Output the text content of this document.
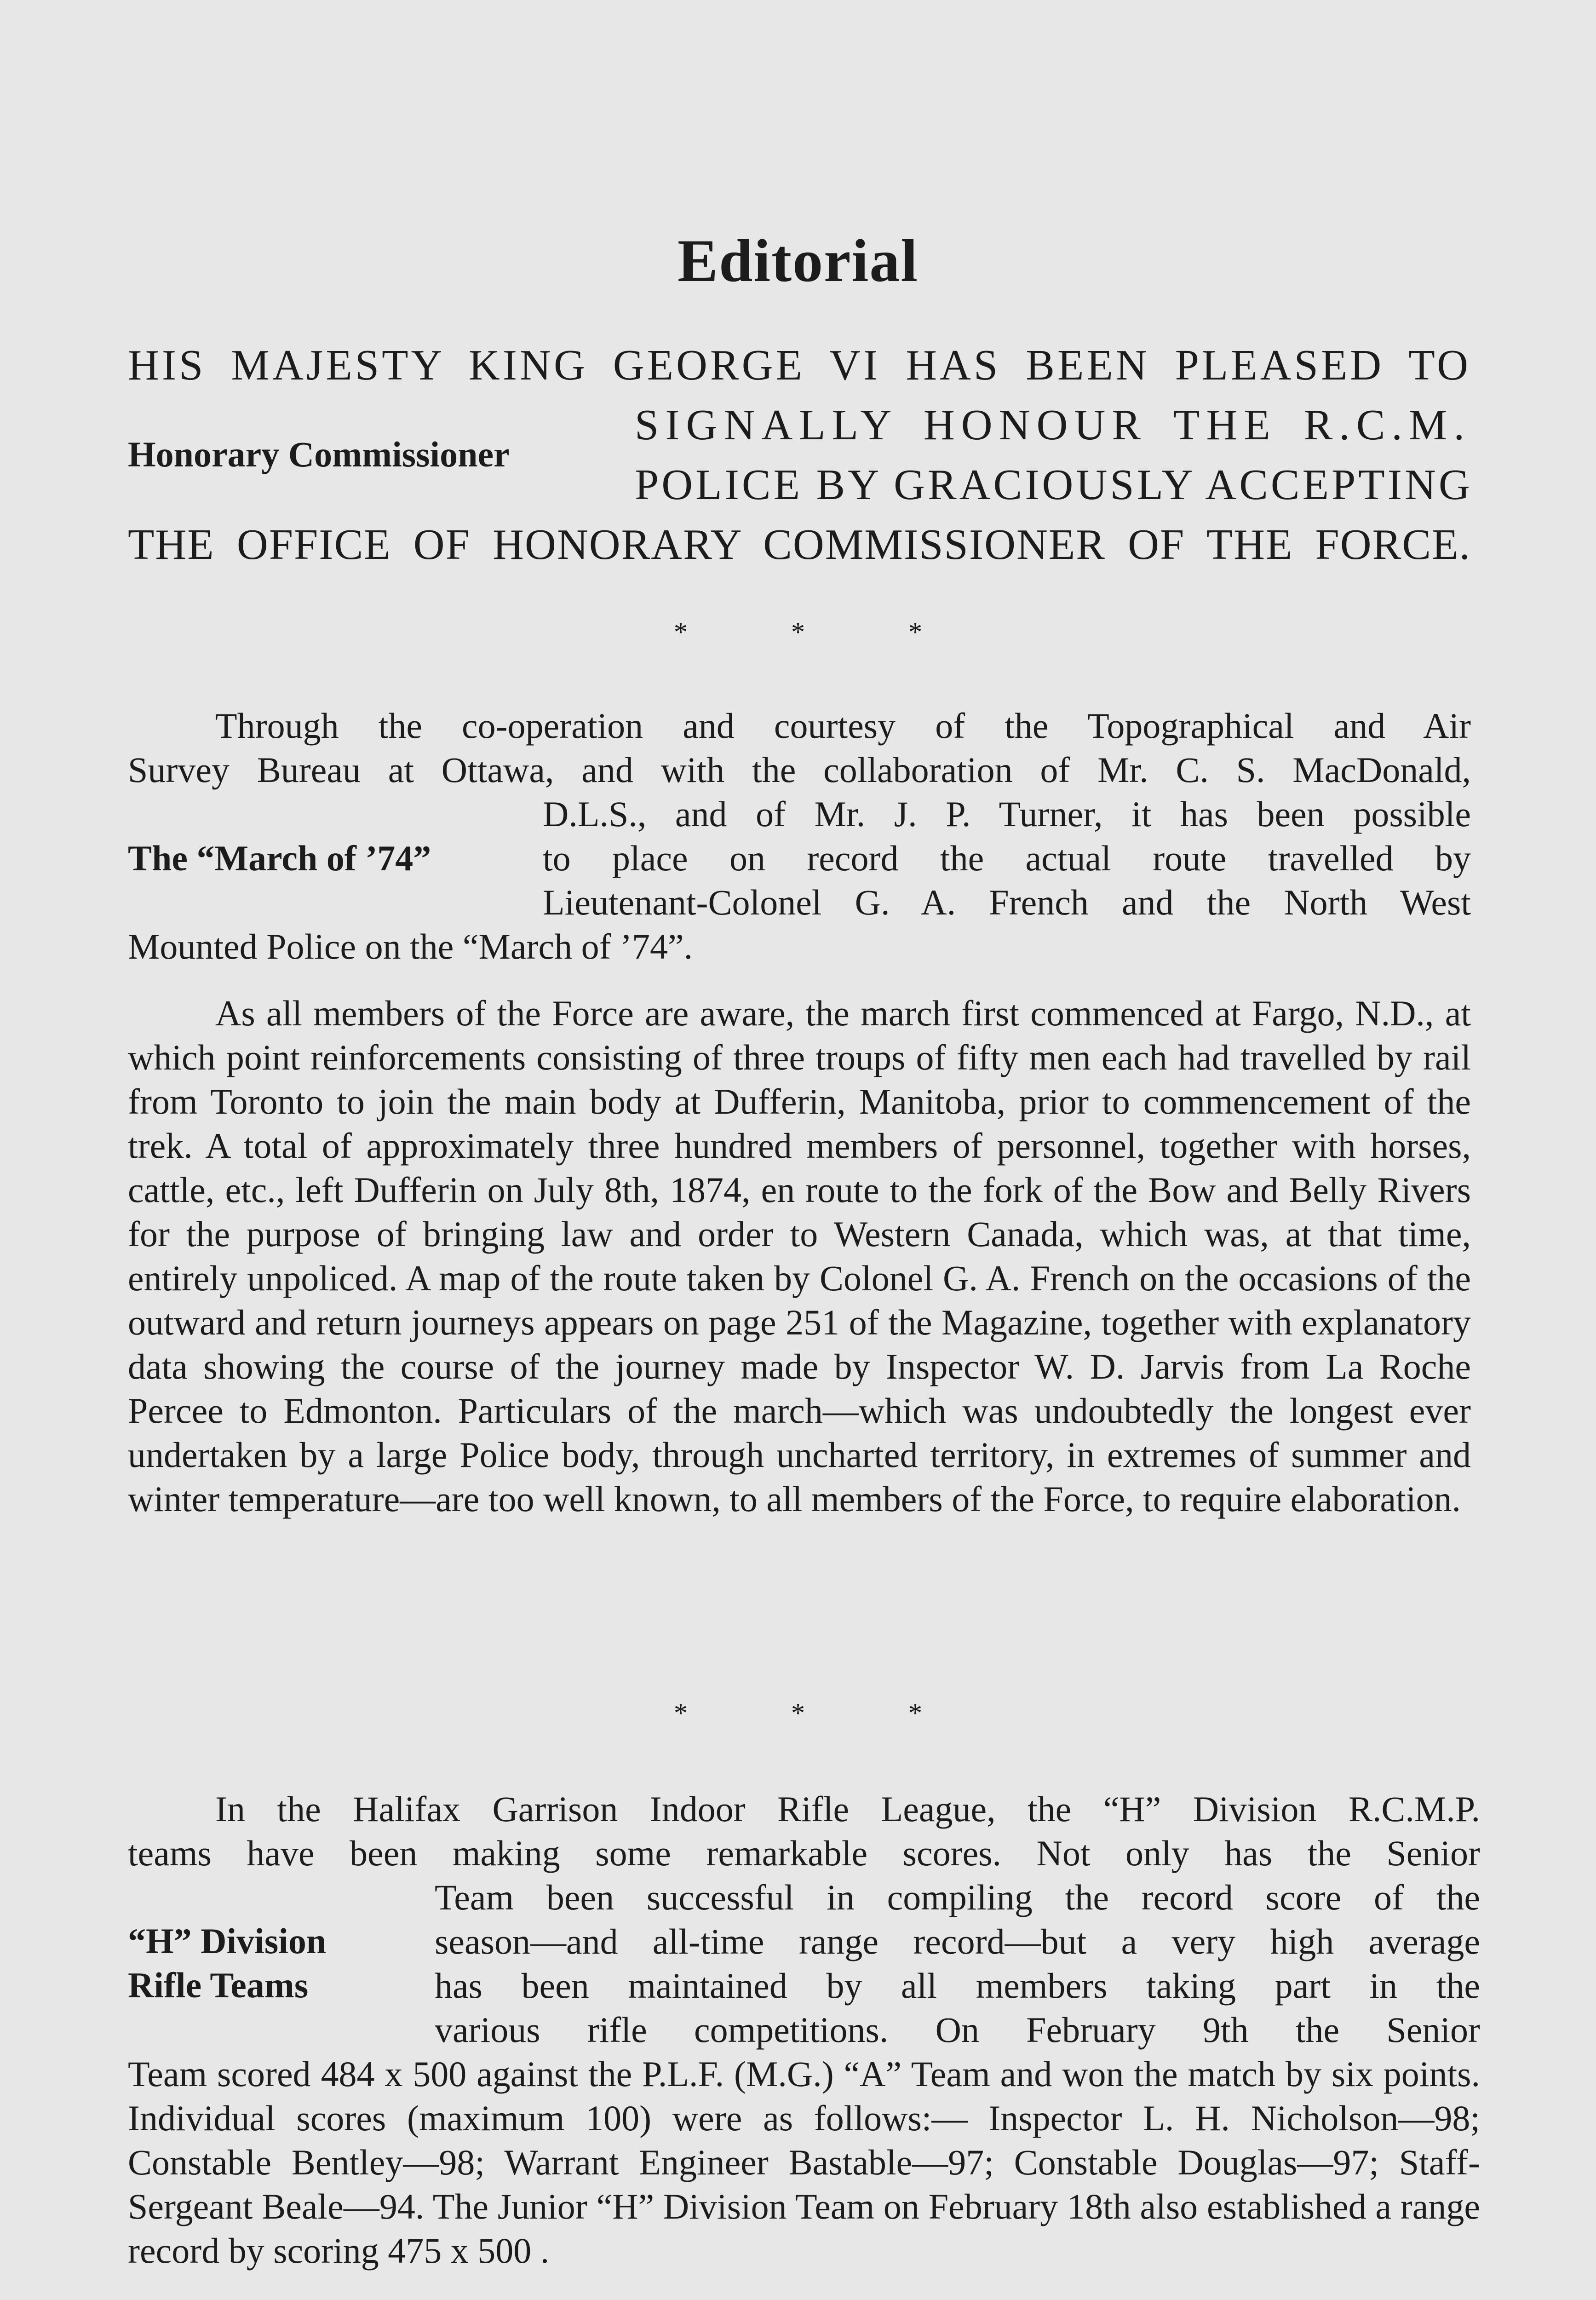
Editorial
HIS MAJESTY KING GEORGE VI HAS BEEN PLEASED TO
Honorary Commissioner
SIGNALLY HONOUR THE R.C.M.
POLICE BY GRACIOUSLY ACCEPTING
THE OFFICE OF HONORARY COMMISSIONER OF THE FORCE.
* * *
Through the co-operation and courtesy of the Topographical and Air
Survey Bureau at Ottawa, and with the collaboration of Mr. C. S. MacDonald,
The “March of ’74”
D.L.S., and of Mr. J. P. Turner, it has been possible
to place on record the actual route travelled by
Lieutenant-Colonel G. A. French and the North West
Mounted Police on the “March of ’74”.

As all members of the Force are aware, the march first commenced at Fargo, N.D., at which point reinforcements consisting of three troups of fifty men each had travelled by rail from Toronto to join the main body at Dufferin, Manitoba, prior to commencement of the trek. A total of approximately three hundred members of personnel, together with horses, cattle, etc., left Dufferin on July 8th, 1874, en route to the fork of the Bow and Belly Rivers for the purpose of bringing law and order to Western Canada, which was, at that time, entirely unpoliced. A map of the route taken by Colonel G. A. French on the occasions of the outward and return journeys appears on page 251 of the Magazine, together with explanatory data showing the course of the journey made by Inspector W. D. Jarvis from La Roche Percee to Edmonton. Particulars of the march—which was undoubtedly the longest ever undertaken by a large Police body, through uncharted territory, in extremes of summer and winter temperature—are too well known, to all members of the Force, to require elaboration.

* * *
In the Halifax Garrison Indoor Rifle League, the “H” Division R.C.M.P.
teams have been making some remarkable scores. Not only has the Senior
“H” Division
Rifle Teams
Team been successful in compiling the record score of the
season—and all-time range record—but a very high average
has been maintained by all members taking part in the
various rifle competitions. On February 9th the Senior

Team scored 484 x 500 against the P.L.F. (M.G.) “A” Team and won the match by six points. Individual scores (maximum 100) were as follows:— Inspector L. H. Nicholson—98; Constable Bentley—98; Warrant Engineer Bastable—97; Constable Douglas—97; Staff-Sergeant Beale—94. The Junior “H” Division Team on February 18th also established a range record by scoring 475 x 500 .
